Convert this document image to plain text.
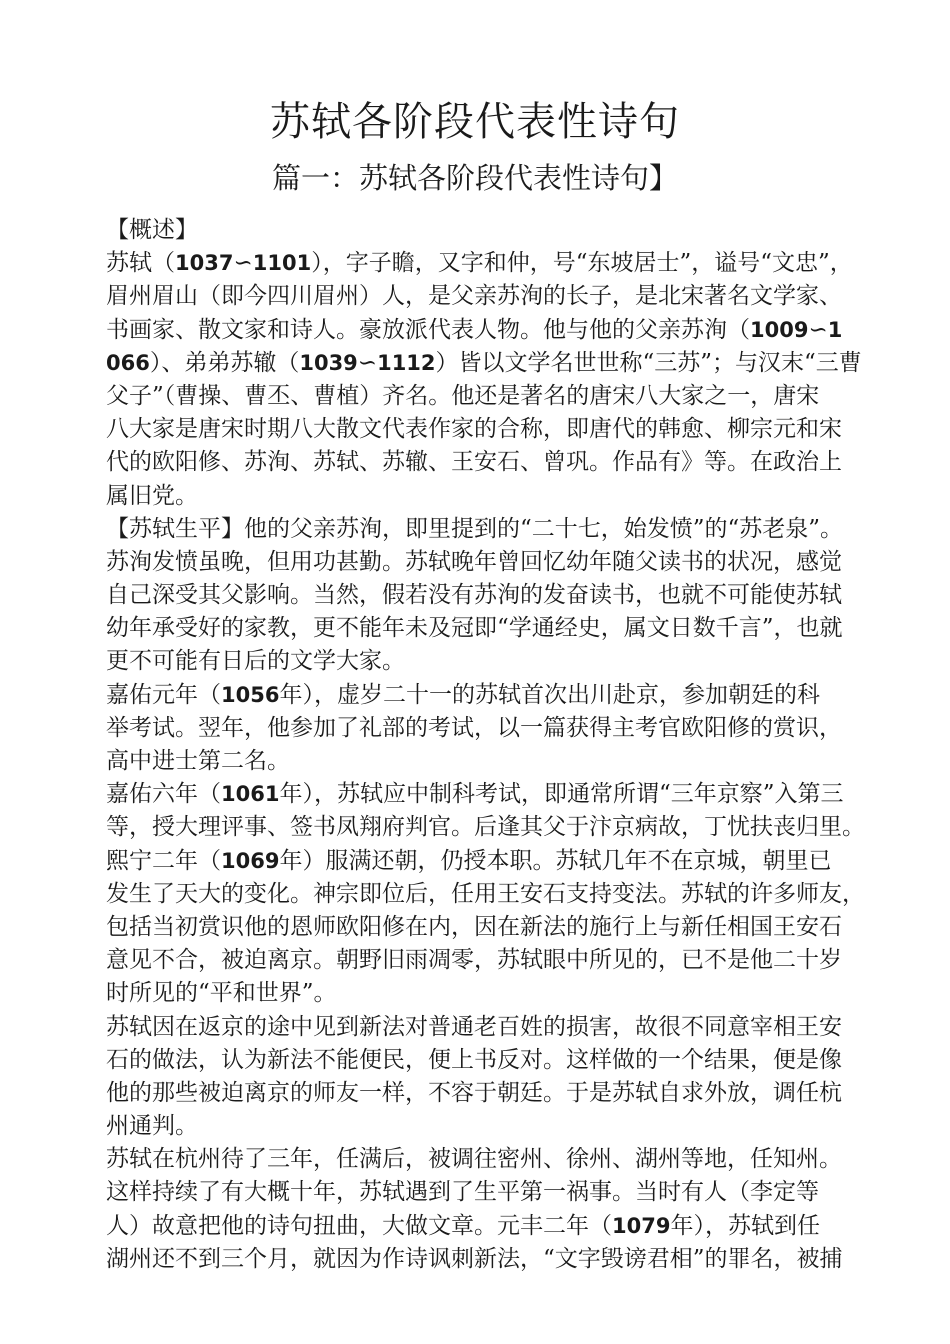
苏轼各阶段代表性诗句
篇一：苏轼各阶段代表性诗句】
【概述】
苏轼（1037∽1101），字子瞻，又字和仲，号“东坡居士”，谥号“文忠”，
眉州眉山（即今四川眉州）人，是父亲苏洵的长子，是北宋著名文学家、
书画家、散文家和诗人。豪放派代表人物。他与他的父亲苏洵（1009∽1
066）、弟弟苏辙（1039∽1112）皆以文学名世世称“三苏”；与汉末“三曹
父子”（曹操、曹丕、曹植）齐名。他还是著名的唐宋八大家之一，唐宋
八大家是唐宋时期八大散文代表作家的合称，即唐代的韩愈、柳宗元和宋
代的欧阳修、苏洵、苏轼、苏辙、王安石、曾巩。作品有》等。在政治上
属旧党。
【苏轼生平】他的父亲苏洵，即里提到的“二十七，始发愤”的“苏老泉”。
苏洵发愤虽晚，但用功甚勤。苏轼晚年曾回忆幼年随父读书的状况，感觉
自己深受其父影响。当然，假若没有苏洵的发奋读书，也就不可能使苏轼
幼年承受好的家教，更不能年未及冠即“学通经史，属文日数千言”，也就
更不可能有日后的文学大家。
嘉佑元年（1056年），虚岁二十一的苏轼首次出川赴京，参加朝廷的科
举考试。翌年，他参加了礼部的考试，以一篇获得主考官欧阳修的赏识，
高中进士第二名。
嘉佑六年（1061年），苏轼应中制科考试，即通常所谓“三年京察”入第三
等，授大理评事、签书凤翔府判官。后逢其父于汴京病故，丁忧扶丧归里。
熙宁二年（1069年）服满还朝，仍授本职。苏轼几年不在京城，朝里已
发生了天大的变化。神宗即位后，任用王安石支持变法。苏轼的许多师友，
包括当初赏识他的恩师欧阳修在内，因在新法的施行上与新任相国王安石
意见不合，被迫离京。朝野旧雨凋零，苏轼眼中所见的，已不是他二十岁
时所见的“平和世界”。
苏轼因在返京的途中见到新法对普通老百姓的损害，故很不同意宰相王安
石的做法，认为新法不能便民，便上书反对。这样做的一个结果，便是像
他的那些被迫离京的师友一样，不容于朝廷。于是苏轼自求外放，调任杭
州通判。
苏轼在杭州待了三年，任满后，被调往密州、徐州、湖州等地，任知州。
这样持续了有大概十年，苏轼遇到了生平第一祸事。当时有人（李定等
人）故意把他的诗句扭曲，大做文章。元丰二年（1079年），苏轼到任
湖州还不到三个月，就因为作诗讽刺新法，“文字毁谤君相”的罪名，被捕
